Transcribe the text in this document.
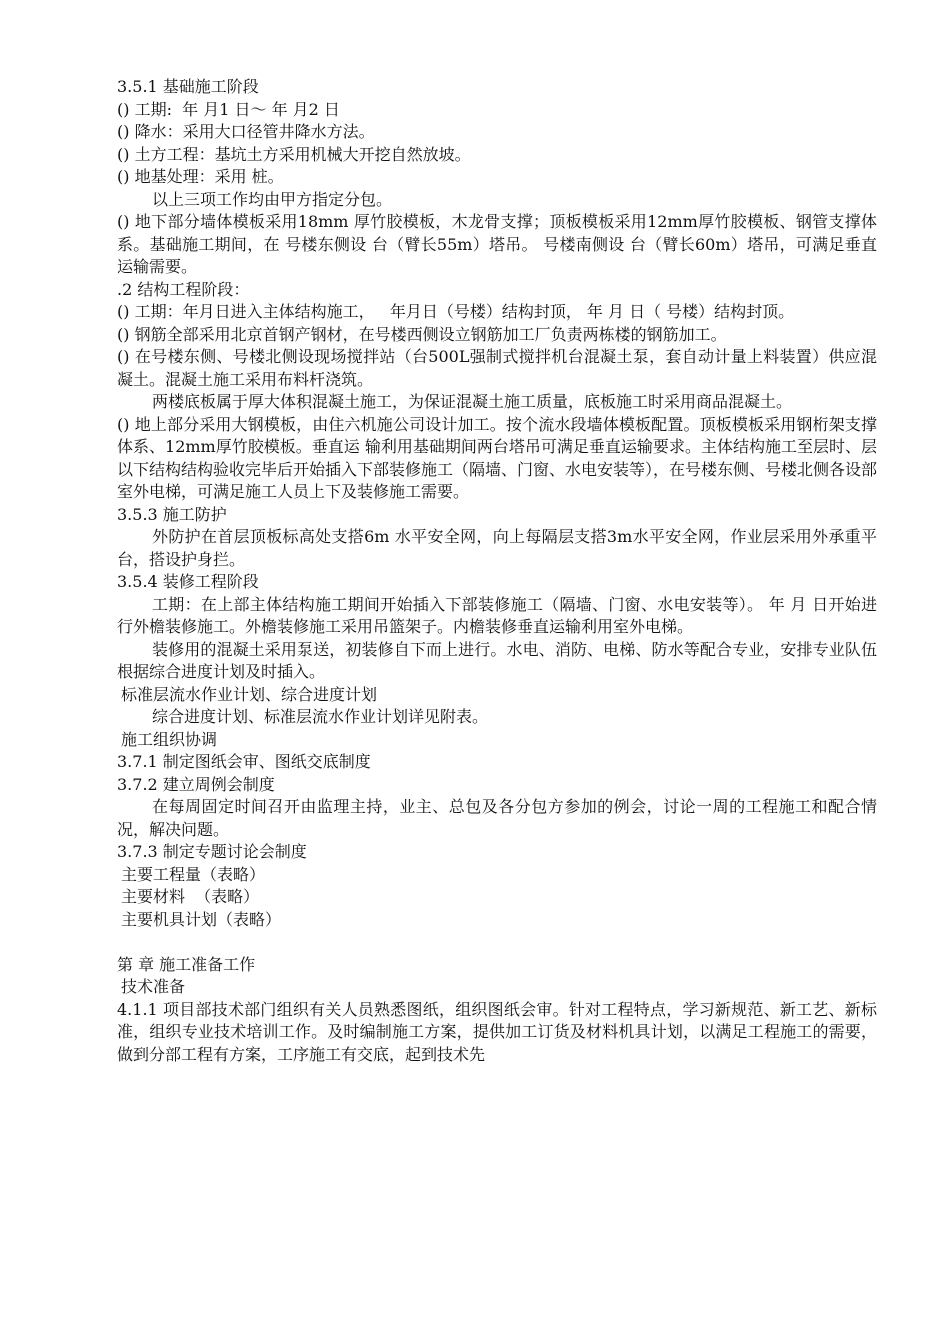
3.5.1 基础施工阶段

() 工期:  年 月1 日～ 年 月2 日

() 降水：采用大口径管井降水方法。

() 土方工程：基坑土方采用机械大开挖自然放坡。

() 地基处理：采用 桩。

以上三项工作均由甲方指定分包。

() 地下部分墙体模板采用18mm 厚竹胶模板，木龙骨支撑；顶板模板采用12mm厚竹胶模板、钢管支撑体系。基础施工期间，在 号楼东侧设 台（臂长55m）塔吊。 号楼南侧设 台（臂长60m）塔吊，可满足垂直运输需要。

.2 结构工程阶段：

() 工期：年月日进入主体结构施工，   年月日（号楼）结构封顶， 年 月 日（ 号楼）结构封顶。

() 钢筋全部采用北京首钢产钢材，在号楼西侧设立钢筋加工厂负责两栋楼的钢筋加工。

() 在号楼东侧、号楼北侧设现场搅拌站（台500L强制式搅拌机台混凝土泵，套自动计量上料装置）供应混凝土。混凝土施工采用布料杆浇筑。

两楼底板属于厚大体积混凝土施工，为保证混凝土施工质量，底板施工时采用商品混凝土。

() 地上部分采用大钢模板，由住六机施公司设计加工。按个流水段墙体模板配置。顶板模板采用钢桁架支撑体系、12mm厚竹胶模板。垂直运 输利用基础期间两台塔吊可满足垂直运输要求。主体结构施工至层时、层以下结构结构验收完毕后开始插入下部装修施工（隔墙、门窗、水电安装等），在号楼东侧、号楼北侧各设部室外电梯，可满足施工人员上下及装修施工需要。

3.5.3 施工防护

外防护在首层顶板标高处支搭6m 水平安全网，向上每隔层支搭3m水平安全网，作业层采用外承重平台，搭设护身拦。

3.5.4 装修工程阶段

工期：在上部主体结构施工期间开始插入下部装修施工（隔墙、门窗、水电安装等）。 年 月 日开始进行外檐装修施工。外檐装修施工采用吊篮架子。内檐装修垂直运输利用室外电梯。

装修用的混凝土采用泵送，初装修自下而上进行。水电、消防、电梯、防水等配合专业，安排专业队伍根据综合进度计划及时插入。

标准层流水作业计划、综合进度计划

综合进度计划、标准层流水作业计划详见附表。

施工组织协调

3.7.1 制定图纸会审、图纸交底制度

3.7.2 建立周例会制度

在每周固定时间召开由监理主持，业主、总包及各分包方参加的例会，讨论一周的工程施工和配合情况，解决问题。

3.7.3 制定专题讨论会制度

主要工程量（表略）

主要材料  （表略）

主要机具计划（表略）

第 章 施工准备工作

技术准备

4.1.1 项目部技术部门组织有关人员熟悉图纸，组织图纸会审。针对工程特点，学习新规范、新工艺、新标准，组织专业技术培训工作。及时编制施工方案，提供加工订货及材料机具计划，以满足工程施工的需要，做到分部工程有方案，工序施工有交底，起到技术先
